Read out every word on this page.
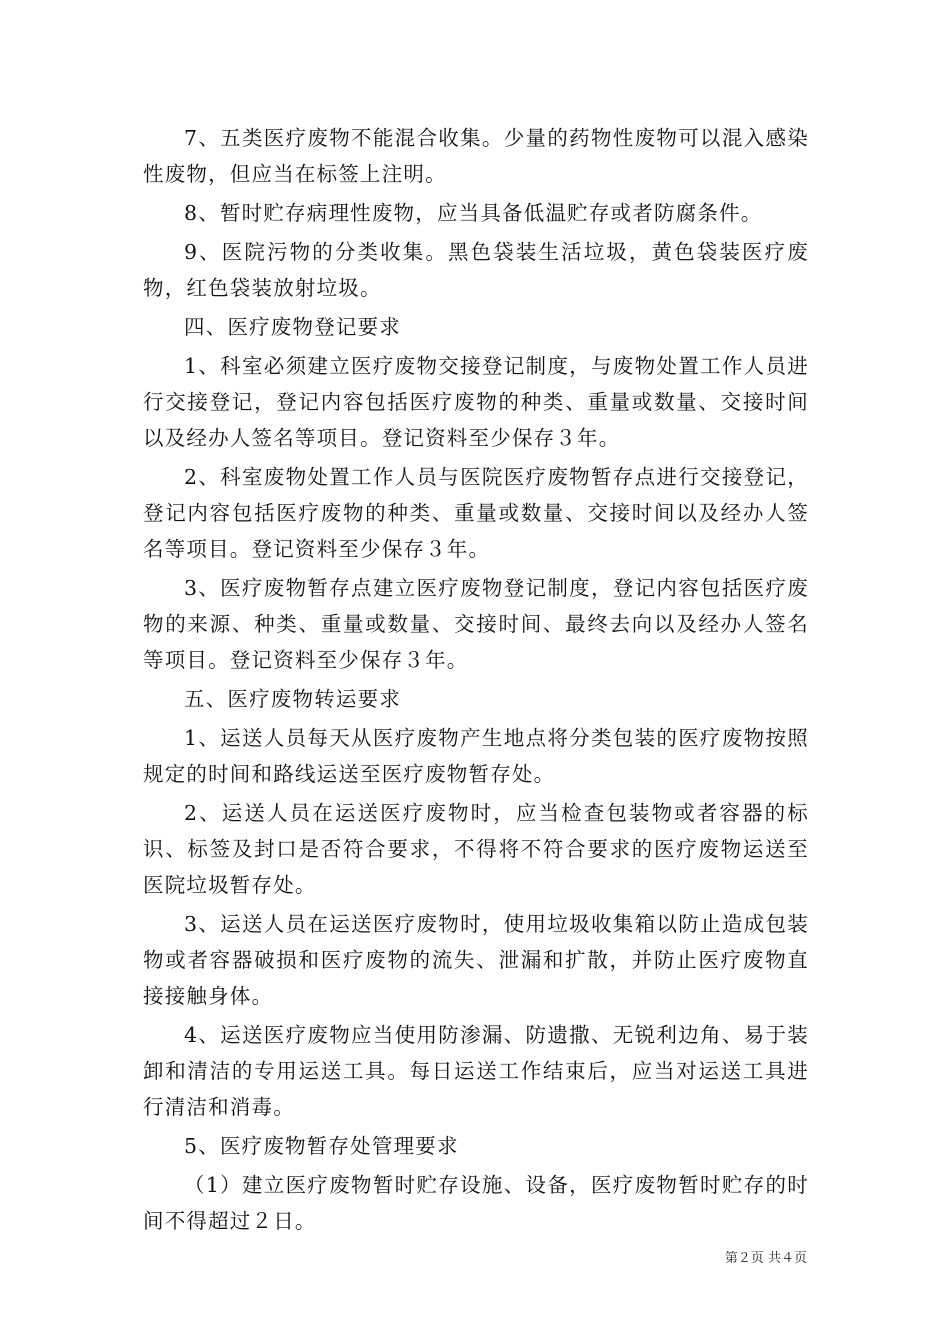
7、五类医疗废物不能混合收集。少量的药物性废物可以混入感染性废物，但应当在标签上注明。

8、暂时贮存病理性废物，应当具备低温贮存或者防腐条件。

9、医院污物的分类收集。黑色袋装生活垃圾，黄色袋装医疗废物，红色袋装放射垃圾。

四、医疗废物登记要求

1、科室必须建立医疗废物交接登记制度，与废物处置工作人员进行交接登记，登记内容包括医疗废物的种类、重量或数量、交接时间以及经办人签名等项目。登记资料至少保存３年。

2、科室废物处置工作人员与医院医疗废物暂存点进行交接登记，登记内容包括医疗废物的种类、重量或数量、交接时间以及经办人签名等项目。登记资料至少保存３年。

3、医疗废物暂存点建立医疗废物登记制度，登记内容包括医疗废物的来源、种类、重量或数量、交接时间、最终去向以及经办人签名等项目。登记资料至少保存３年。

五、医疗废物转运要求

1、运送人员每天从医疗废物产生地点将分类包装的医疗废物按照规定的时间和路线运送至医疗废物暂存处。

2、运送人员在运送医疗废物时，应当检查包装物或者容器的标识、标签及封口是否符合要求，不得将不符合要求的医疗废物运送至医院垃圾暂存处。

3、运送人员在运送医疗废物时，使用垃圾收集箱以防止造成包装物或者容器破损和医疗废物的流失、泄漏和扩散，并防止医疗废物直接接触身体。

4、运送医疗废物应当使用防渗漏、防遗撒、无锐利边角、易于装卸和清洁的专用运送工具。每日运送工作结束后，应当对运送工具进行清洁和消毒。

5、医疗废物暂存处管理要求

（1）建立医疗废物暂时贮存设施、设备，医疗废物暂时贮存的时间不得超过２日。

第２页 共４页
